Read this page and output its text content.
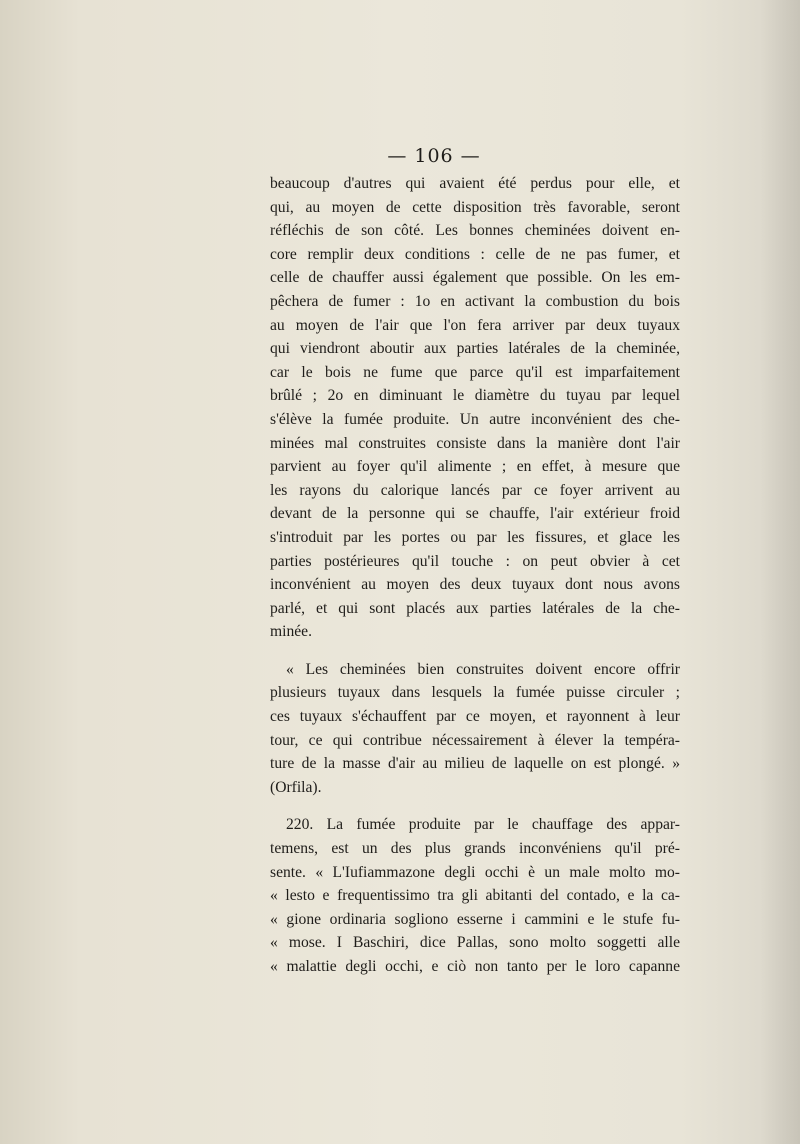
— 106 —
beaucoup d'autres qui avaient été perdus pour elle, et
qui, au moyen de cette disposition très favorable, seront
réfléchis de son côté. Les bonnes cheminées doivent en-
core remplir deux conditions : celle de ne pas fumer, et
celle de chauffer aussi également que possible. On les em-
pêchera de fumer : 1o en activant la combustion du bois
au moyen de l'air que l'on fera arriver par deux tuyaux
qui viendront aboutir aux parties latérales de la cheminée,
car le bois ne fume que parce qu'il est imparfaitement
brûlé ; 2o en diminuant le diamètre du tuyau par lequel
s'élève la fumée produite. Un autre inconvénient des che-
minées mal construites consiste dans la manière dont l'air
parvient au foyer qu'il alimente ; en effet, à mesure que
les rayons du calorique lancés par ce foyer arrivent au
devant de la personne qui se chauffe, l'air extérieur froid
s'introduit par les portes ou par les fissures, et glace les
parties postérieures qu'il touche : on peut obvier à cet
inconvénient au moyen des deux tuyaux dont nous avons
parlé, et qui sont placés aux parties latérales de la che-
minée.
« Les cheminées bien construites doivent encore offrir
plusieurs tuyaux dans lesquels la fumée puisse circuler ;
ces tuyaux s'échauffent par ce moyen, et rayonnent à leur
tour, ce qui contribue nécessairement à élever la tempéra-
ture de la masse d'air au milieu de laquelle on est plongé. »
(Orfila).
220. La fumée produite par le chauffage des appar-
temens, est un des plus grands inconvéniens qu'il pré-
sente. « L'Iufiammazone degli occhi è un male molto mo-
« lesto e frequentissimo tra gli abitanti del contado, e la ca-
« gione ordinaria sogliono esserne i cammini e le stufe fu-
« mose. I Baschiri, dice Pallas, sono molto soggetti alle
« malattie degli occhi, e ciò non tanto per le loro capanne
